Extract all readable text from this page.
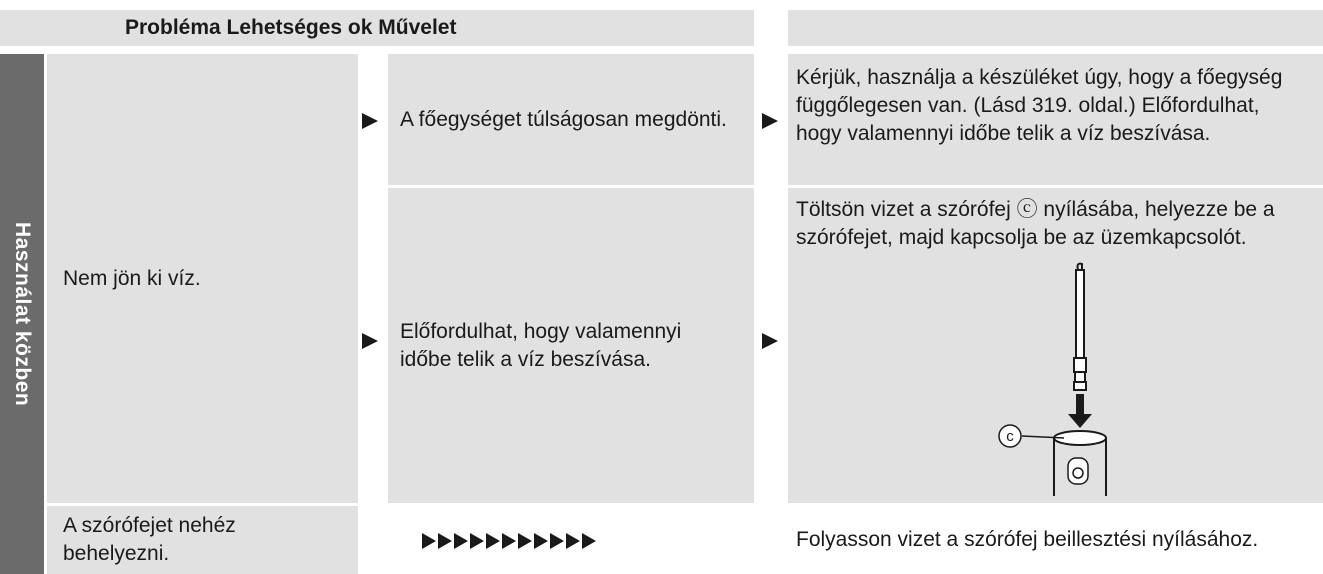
Probléma Lehetséges ok Művelet
Használat közben Nem jön ki víz.
A szórófejet nehéz behelyezni.
A főegységet túlságosan megdönti.
Előfordulhat, hogy valamennyi időbe telik a víz beszívása.
Kérjük, használja a készüléket úgy, hogy a főegység függőlegesen van. (Lásd 319. oldal.) Előfordulhat, hogy valamennyi időbe telik a víz beszívása.
Töltsön vizet a szórófej ⓒ nyílásába, helyezze be a szórófejet, majd kapcsolja be az üzemkapcsolót.
Folyasson vizet a szórófej beillesztési nyílásához.
c
